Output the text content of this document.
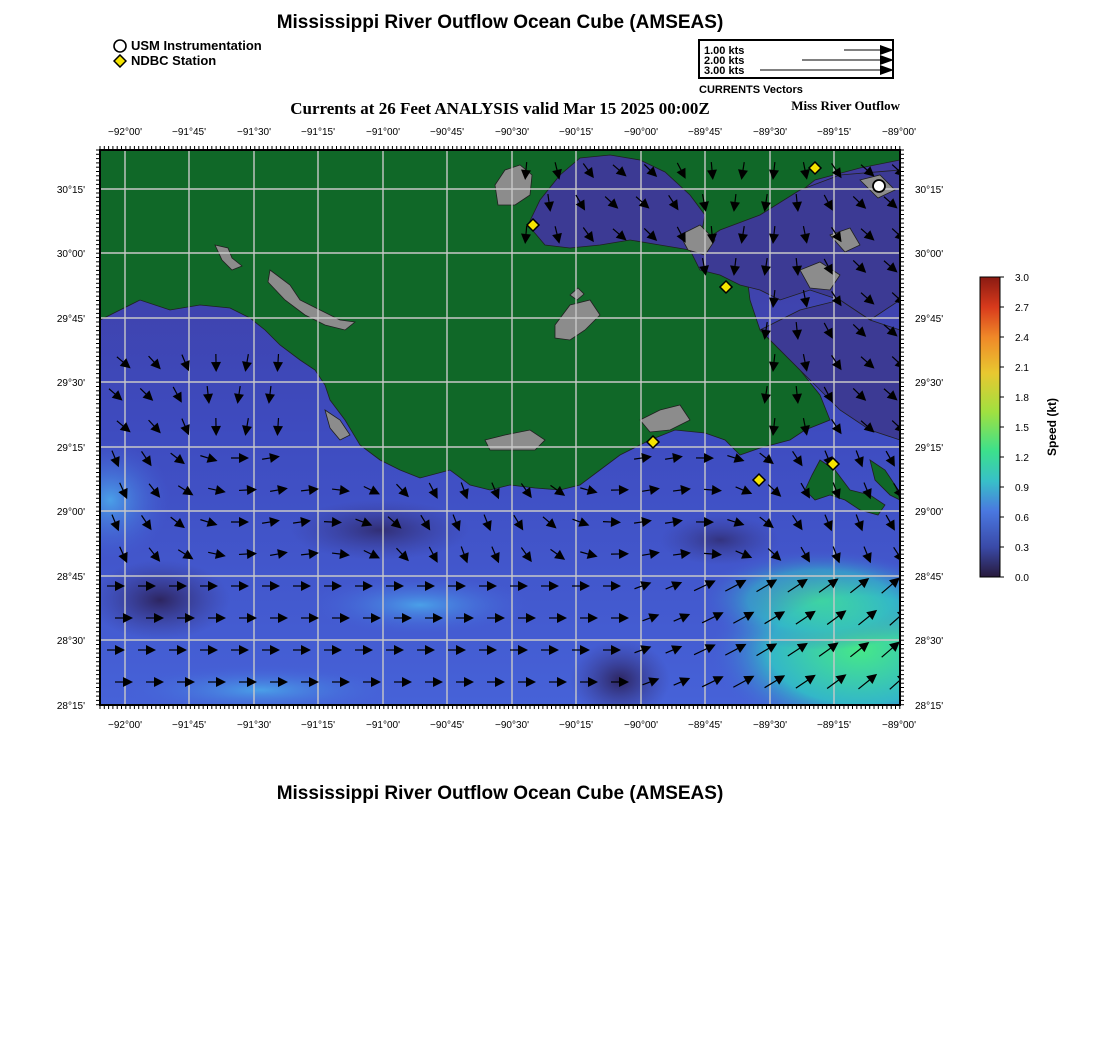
Mississippi River Outflow Ocean Cube (AMSEAS)
Currents at 26 Feet ANALYSIS valid Mar 15 2025 00:00Z	Miss River Outflow
USM Instrumentation
NDBC Station
1.00 kts
2.00 kts
3.00 kts
CURRENTS Vectors
−92°00'	−91°45'	−91°30'	−91°15'	−91°00'	−90°45'	−90°30'	−90°15'	−90°00'	−89°45'	−89°30'	−89°15'	−89°00'
−92°00'	−91°45'	−91°30'	−91°15'	−91°00'	−90°45'	−90°30'	−90°15'	−90°00'	−89°45'	−89°30'	−89°15'	−89°00'
30°15'
30°00'
29°45'
29°30'
29°15'
29°00'
28°45'
28°30'
28°15'
30°15'
30°00'
29°45'
29°30'
29°15'
29°00'
28°45'
28°30'
28°15'
3.0
2.7
2.4
2.1
1.8
1.5
1.2
0.9
0.6
0.3
0.0
Speed (kt)
Mississippi River Outflow Ocean Cube (AMSEAS)
